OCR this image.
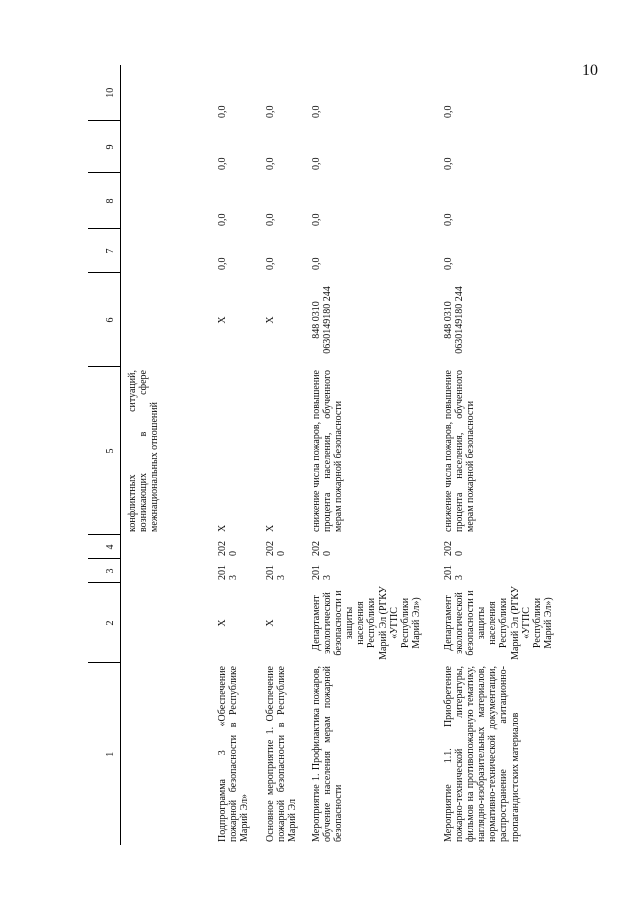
10
1	2	3	4	5	6	7	8	9	10
				конфликтных ситуаций, возникающих в сфере межнациональных отношений					
Подпрограмма 3 «Обеспечение пожарной безопасности в Республике Марий Эл»	X	2013	2020	X	X	0,0	0,0	0,0	0,0
Основное мероприятие 1. Обеспечение пожарной безопасности в Республике Марий Эл	X	2013	2020	X	X	0,0	0,0	0,0	0,0
Мероприятие 1. Профилактика пожаров, обучение населения мерам пожарной безопасности	Департамент экологической безопасности и защиты населения Республики Марий Эл (РГКУ «УГПС Республики Марий Эл»)	2013	2020	снижение числа пожаров, повышение процента населения, обученного мерам пожарной безопасности	848 0310 0630149180 244	0,0	0,0	0,0	0,0
Мероприятие 1.1. Приобретение пожарно-технической литературы, фильмов на противопожарную тематику, наглядно-изобразительных материалов, нормативно-технической документации, распространение агитационно-пропагандистских материалов	Департамент экологической безопасности и защиты населения Республики Марий Эл (РГКУ «УГПС Республики Марий Эл»)	2013	2020	снижение числа пожаров, повышение процента населения, обученного мерам пожарной безопасности	848 0310 0630149180 244	0,0	0,0	0,0	0,0
